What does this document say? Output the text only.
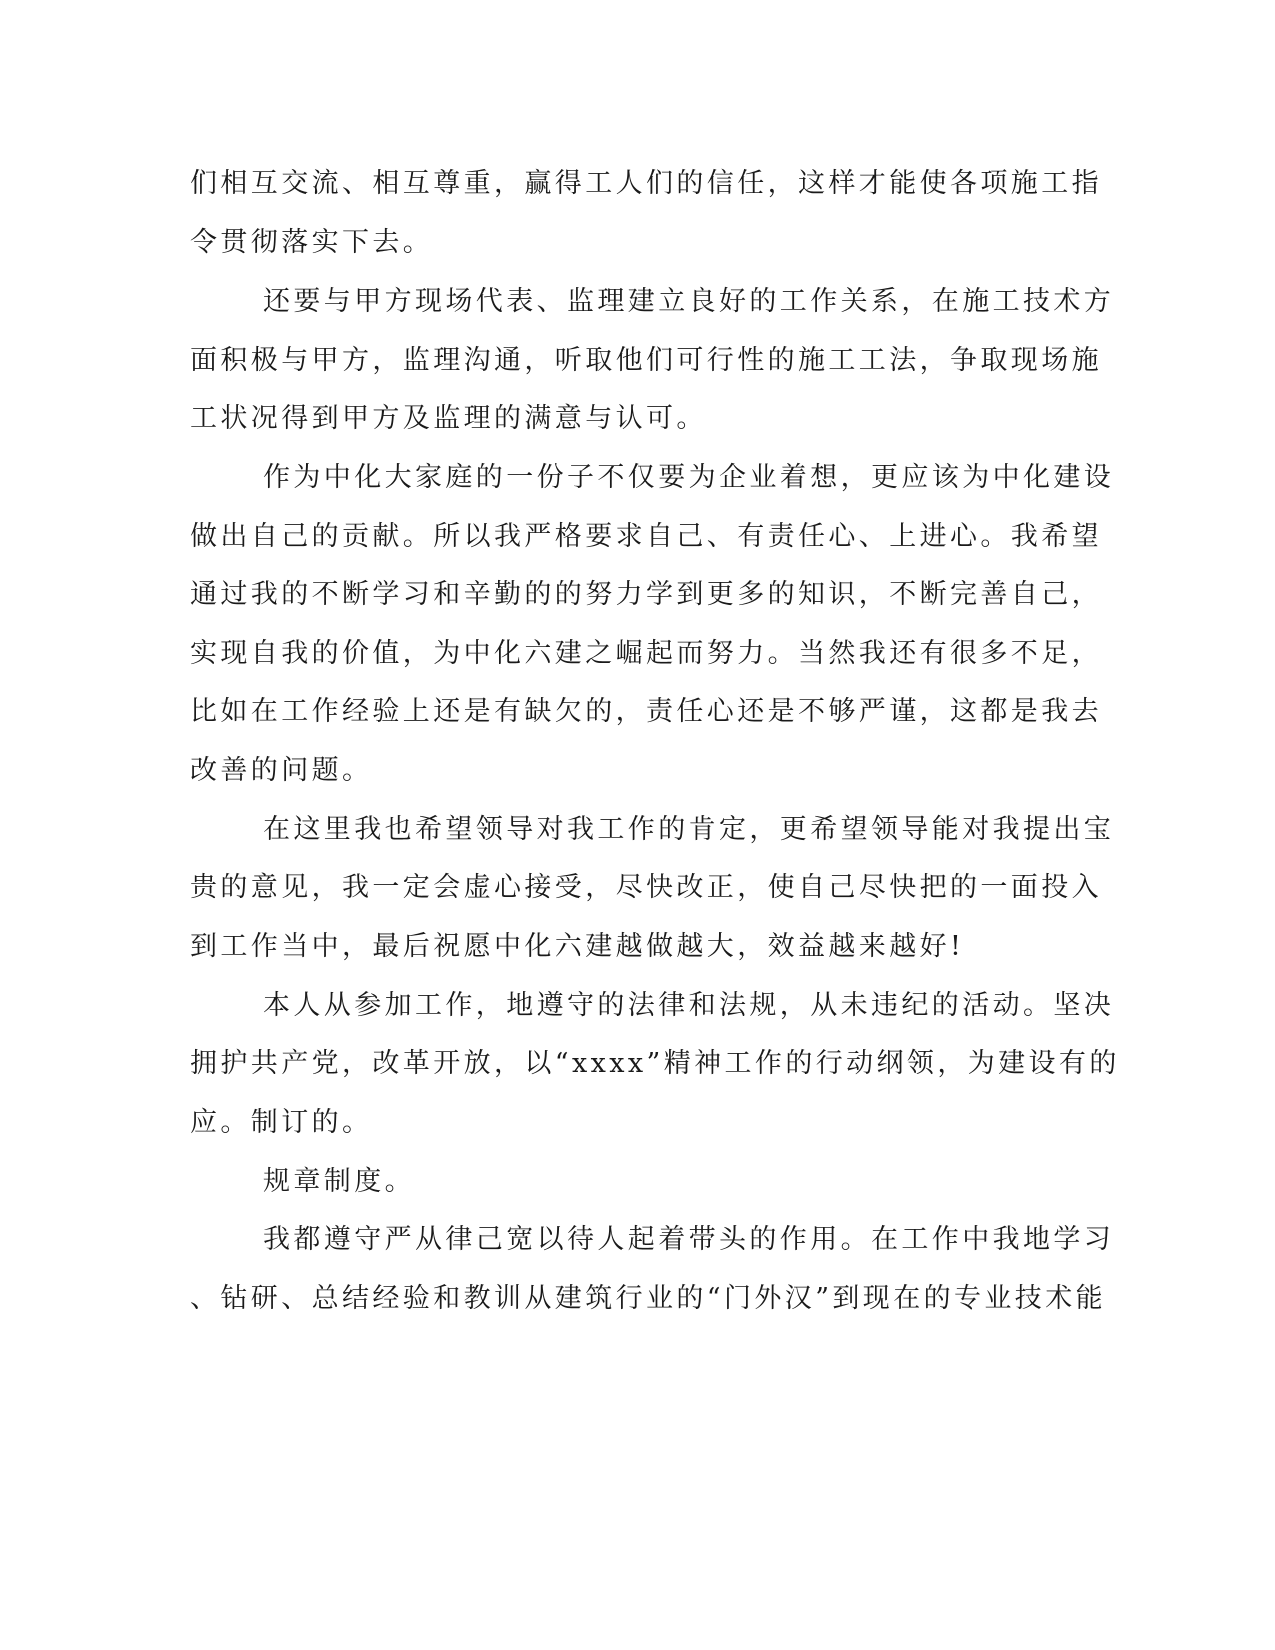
们相互交流、相互尊重，赢得工人们的信任，这样才能使各项施工指
令贯彻落实下去。
还要与甲方现场代表、监理建立良好的工作关系，在施工技术方
面积极与甲方，监理沟通，听取他们可行性的施工工法，争取现场施
工状况得到甲方及监理的满意与认可。
作为中化大家庭的一份子不仅要为企业着想，更应该为中化建设
做出自己的贡献。所以我严格要求自己、有责任心、上进心。我希望
通过我的不断学习和辛勤的的努力学到更多的知识，不断完善自己，
实现自我的价值，为中化六建之崛起而努力。当然我还有很多不足，
比如在工作经验上还是有缺欠的，责任心还是不够严谨，这都是我去
改善的问题。
在这里我也希望领导对我工作的肯定，更希望领导能对我提出宝
贵的意见，我一定会虚心接受，尽快改正，使自己尽快把的一面投入
到工作当中，最后祝愿中化六建越做越大，效益越来越好!
本人从参加工作，地遵守的法律和法规，从未违纪的活动。坚决
拥护共产党，改革开放，以“xxxx”精神工作的行动纲领，为建设有的
应。制订的。
规章制度。
我都遵守严从律己宽以待人起着带头的作用。在工作中我地学习
、钻研、总结经验和教训从建筑行业的“门外汉”到现在的专业技术能
